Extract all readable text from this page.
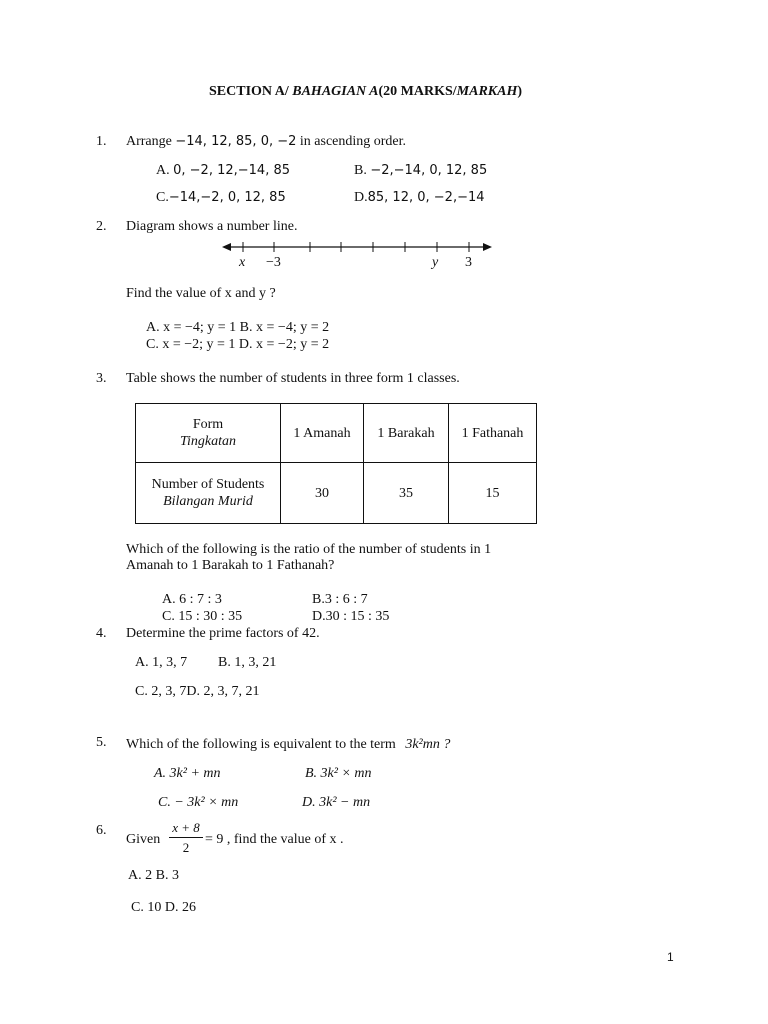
SECTION A/ BAHAGIAN A(20 MARKS/MARKAH)
1. Arrange −14, 12, 85, 0, −2 in ascending order.
A. 0, −2, 12,−14, 85	B. −2,−14, 0, 12, 85
C.−14,−2, 0, 12, 85	D.85, 12, 0, −2,−14
2. Diagram shows a number line.
x −3	y 3
Find the value of x and y ?
A. x = −4; y = 1 B. x = −4; y = 2
C. x = −2; y = 1 D. x = −2; y = 2
3. Table shows the number of students in three form 1 classes.
Form
Tingkatan	1 Amanah	1 Barakah	1 Fathanah

Number of Students
Bilangan Murid	30	35	15
Which of the following is the ratio of the number of students in 1
Amanah to 1 Barakah to 1 Fathanah?
A. 6 : 7 : 3	B.3 : 6 : 7
C. 15 : 30 : 35	D.30 : 15 : 35
4. Determine the prime factors of 42.
A. 1, 3, 7 B. 1, 3, 21
C. 2, 3, 7D. 2, 3, 7, 21
5. Which of the following is equivalent to the term 3k²mn ?
A. 3k² + mn	B. 3k² × mn
C. − 3k² × mn	D. 3k² − mn
6.
Given
x + 8
2
= 9 , find the value of x .
A. 2 B. 3
C. 10 D. 26
1
